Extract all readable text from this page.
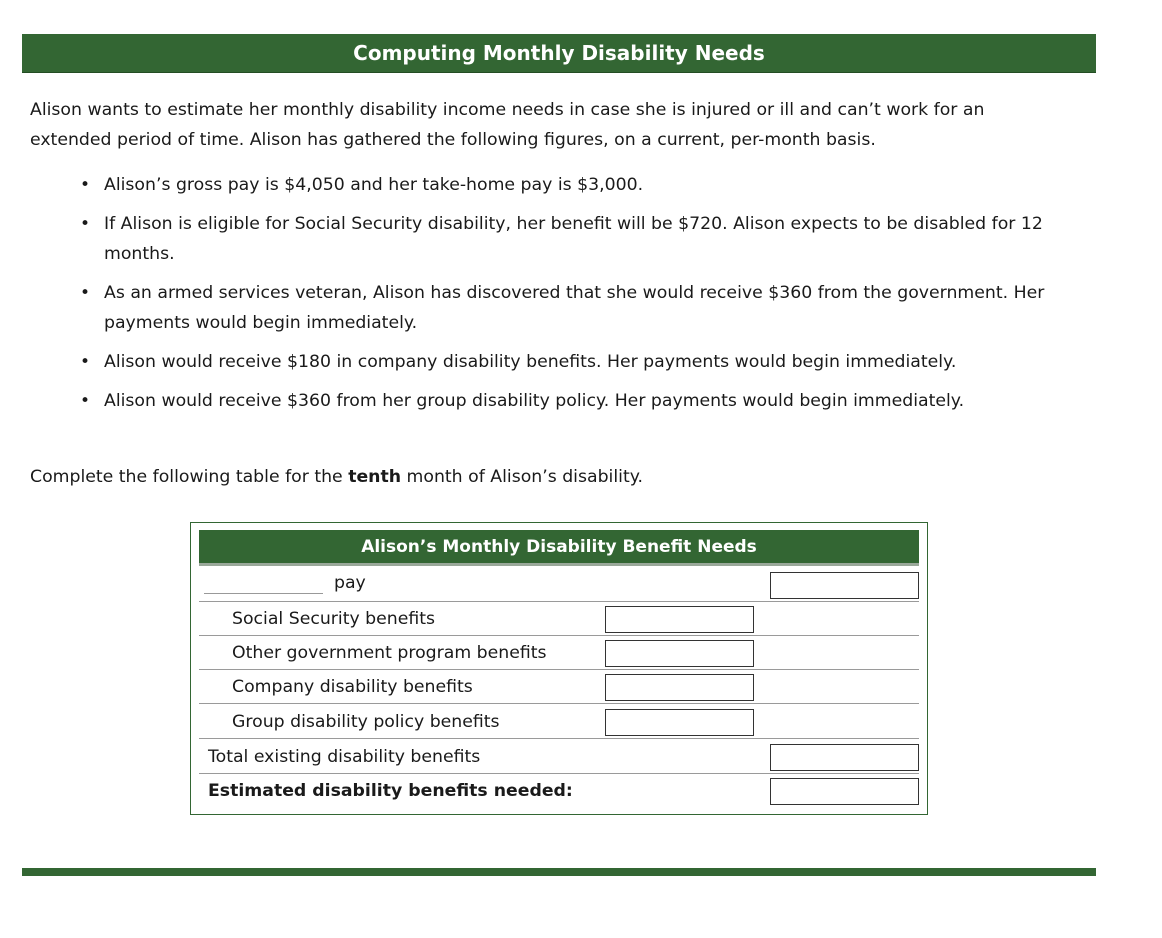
Computing Monthly Disability Needs

Alison wants to estimate her monthly disability income needs in case she is injured or ill and can’t work for an extended period of time. Alison has gathered the following figures, on a current, per-month basis.

• Alison’s gross pay is $4,050 and her take-home pay is $3,000.
• If Alison is eligible for Social Security disability, her benefit will be $720. Alison expects to be disabled for 12 months.
• As an armed services veteran, Alison has discovered that she would receive $360 from the government. Her payments would begin immediately.
• Alison would receive $180 in company disability benefits. Her payments would begin immediately.
• Alison would receive $360 from her group disability policy. Her payments would begin immediately.

Complete the following table for the tenth month of Alison’s disability.

Alison’s Monthly Disability Benefit Needs
pay
Social Security benefits
Other government program benefits
Company disability benefits
Group disability policy benefits
Total existing disability benefits
Estimated disability benefits needed:
